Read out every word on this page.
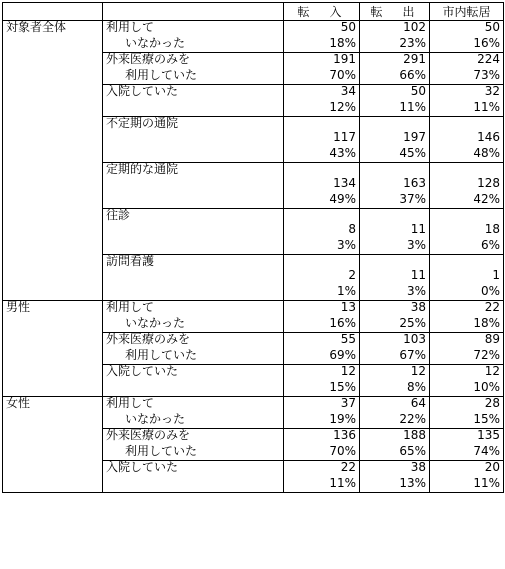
		転　入	転　出	市内転居
対象者全体	利用して	50	102	50
	いなかった	18%	23%	16%
	外来医療のみを	191	291	224
	利用していた	70%	66%	73%
	入院していた	34	50	32
		12%	11%	11%
	不定期の通院			
		117	197	146
		43%	45%	48%
	定期的な通院			
		134	163	128
		49%	37%	42%
	往診			
		8	11	18
		3%	3%	6%
	訪問看護			
		2	11	1
		1%	3%	0%
男性	利用して	13	38	22
	いなかった	16%	25%	18%
	外来医療のみを	55	103	89
	利用していた	69%	67%	72%
	入院していた	12	12	12
		15%	8%	10%
女性	利用して	37	64	28
	いなかった	19%	22%	15%
	外来医療のみを	136	188	135
	利用していた	70%	65%	74%
	入院していた	22	38	20
		11%	13%	11%
